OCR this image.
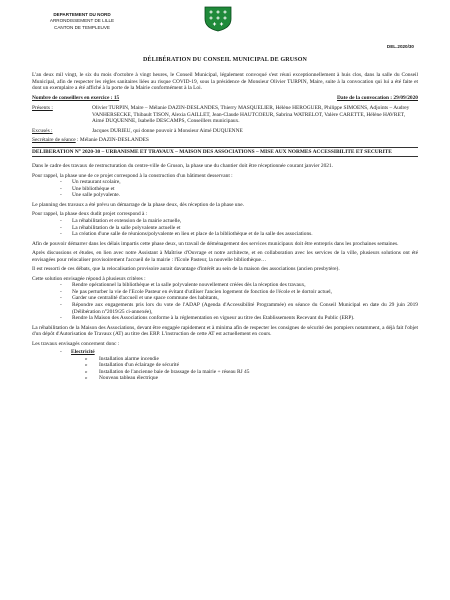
DEPARTEMENT DU NORD
ARRONDISSEMENT DE LILLE
CANTON DE TEMPLEUVE
DEL.2020/30
DÉLIBÉRATION DU CONSEIL MUNICIPAL DE GRUSON

L'an deux mil vingt, le six du mois d'octobre à vingt heures, le Conseil Municipal, légalement convoqué s'est réuni exceptionnellement à huis clos, dans la salle du Conseil Municipal, afin de respecter les règles sanitaires liées au risque COVID-19, sous la présidence de Monsieur Olivier TURPIN, Maire, suite à la convocation qui lui a été faite et dont un exemplaire a été affiché à la porte de la Mairie conformément à la Loi.

Nombre de conseillers en exercice : 15	Date de la convocation : 29/09/2020
Présents :	Olivier TURPIN, Maire – Mélanie DAZIN-DESLANDES, Thierry MASQUELIER, Hélène HEROGUER, Philippe SIMOENS, Adjoints – Audrey VANHERSECKE, Thibault TISON, Alexia GAILLET, Jean-Claude HAUTCOEUR, Sabrina WATRELOT, Valère CARETTE, Hélène HAVRET, Aimé DUQUENNE, Isabelle DESCAMPS, Conseillers municipaux.
Excusés :	Jacques DURIEU, qui donne pouvoir à Monsieur Aimé DUQUENNE

Secrétaire de séance : Mélanie DAZIN-DESLANDES

DELIBERATION N° 2020-30 – URBANISME ET TRAVAUX – MAISON DES ASSOCIATIONS – MISE AUX NORMES ACCESSIBILITE ET SECURITE

Dans le cadre des travaux de restructuration du centre-ville de Gruson, la phase une du chantier doit être réceptionnée courant janvier 2021.

Pour rappel, la phase une de ce projet correspond à la construction d'un bâtiment desservant :

- Un restaurant scolaire,
- Une bibliothèque et
- Une salle polyvalente.

Le planning des travaux a été prévu un démarrage de la phase deux, dès réception de la phase une.

Pour rappel, la phase deux dudit projet correspond à :

- La réhabilitation et extension de la mairie actuelle,
- La réhabilitation de la salle polyvalente actuelle et
- La création d'une salle de réunions/polyvalente en lieu et place de la bibliothèque et de la salle des associations.

Afin de pouvoir démarrer dans les délais impartis cette phase deux, un travail de déménagement des services municipaux doit être entrepris dans les prochaines semaines.

Après discussions et études, en lien avec notre Assistant à Maîtrise d'Ouvrage et notre architecte, et en collaboration avec les services de la ville, plusieurs solutions ont été envisagées pour relocaliser provisoirement l'accueil de la mairie : l'Ecole Pasteur, la nouvelle bibliothèque…

Il est ressorti de ces débats, que la relocalisation provisoire aurait davantage d'intérêt au sein de la maison des associations (ancien presbytère).

Cette solution envisagée répond à plusieurs critères :

- Rendre opérationnel la bibliothèque et la salle polyvalente nouvellement créées dès la réception des travaux,
- Ne pas perturber la vie de l'Ecole Pasteur en évitant d'utiliser l'ancien logement de fonction de l'école et le dortoir actuel,
- Garder une centralité d'accueil et une space commune des habitants,
- Répondre aux engagements pris lors du vote de l'ADAP (Agenda d'Accessibilité Programmée) en séance du Conseil Municipal en date du 29 juin 2019 (Délibération n°2019/25 ci-annexée),
- Rendre la Maison des Associations conforme à la réglementation en vigueur au titre des Etablissements Recevant du Public (ERP).

La réhabilitation de la Maison des Associations, devant être engagée rapidement et à minima afin de respecter les consignes de sécurité des pompiers notamment, a déjà fait l'objet d'un dépôt d'Autorisation de Travaux (AT) au titre des ERP. L'instruction de cette AT est actuellement en cours.

Les travaux envisagés concernent donc :

- Electricité
o Installation alarme incendie
o Installation d'un éclairage de sécurité
o Installation de l'ancienne baie de brassage de la mairie + réseau RJ 45
o Nouveau tableau électrique
